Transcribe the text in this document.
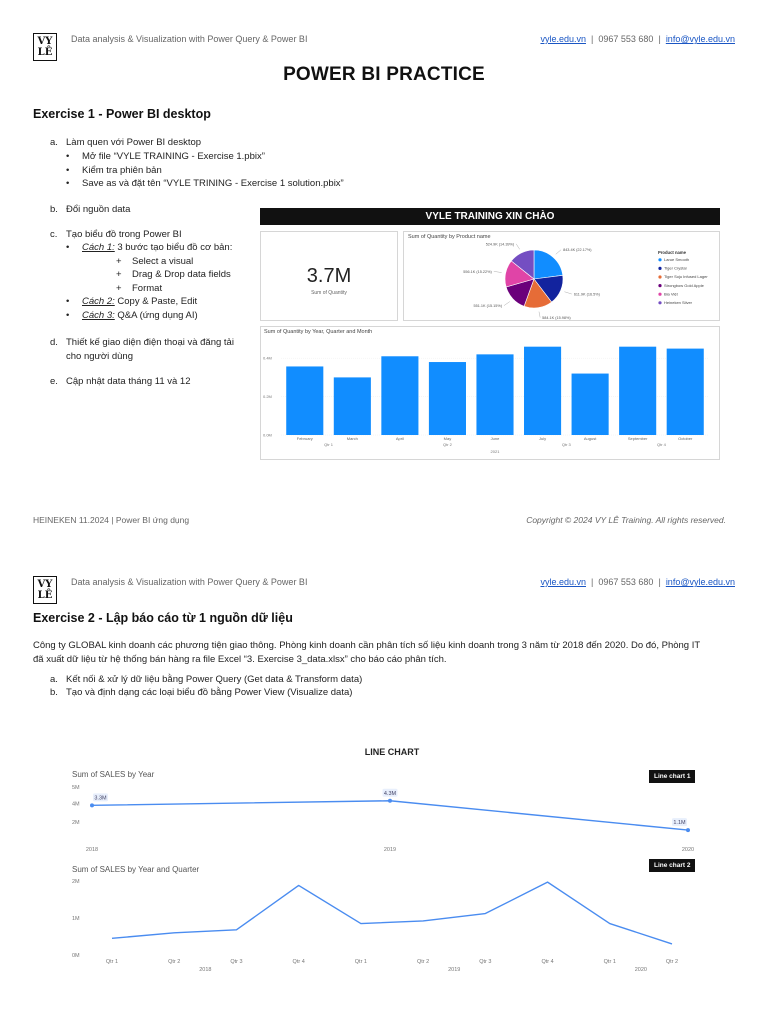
VY LÊ
Data analysis & Visualization with Power Query & Power BI	vyle.edu.vn | 0967 553 680 | info@vyle.edu.vn
POWER BI PRACTICE
Exercise 1 - Power BI desktop
a. Làm quen với Power BI desktop
• Mở file “VYLE TRAINING - Exercise 1.pbix”
• Kiểm tra phiên bản
• Save as và đặt tên “VYLE TRINING - Exercise 1 solution.pbix”
b. Đổi nguồn data
c. Tạo biểu đồ trong Power BI
• Cách 1: 3 bước tạo biểu đồ cơ bản:
+ Select a visual
+ Drag & Drop data fields
+ Format
• Cách 2: Copy & Paste, Edit
• Cách 3: Q&A (ứng dụng AI)
d. Thiết kế giao diện điện thoại và đăng tải
cho người dùng
e. Cập nhật data tháng 11 và 12
VYLE TRAINING XIN CHÀO
3.7M
Sum of Quantity
Sum of Quantity by Product name
843.4K (22.17%)
611.9K (16.5%)
584.1K (15.98%)
551.1K (15.15%)
556.1K (15.22%)
524.9K (14.39%)
Product name
Larue Smooth
Tiger Crystal
Tiger Soju Infused Lager
Strongbow Gold Apple
Bia Việt
Heineken Silver
Sum of Quantity by Year, Quarter and Month
0.4M
0.2M
0.0M
February	March	April	May	June	July	August	September	October
Qtr 1	Qtr 2	Qtr 3	Qtr 4
2021
HEINEKEN 11.2024 | Power BI ứng dụng	Copyright © 2024 VY LÊ Training. All rights reserved.
VY LÊ
Data analysis & Visualization with Power Query & Power BI	vyle.edu.vn | 0967 553 680 | info@vyle.edu.vn
Exercise 2 - Lập báo cáo từ 1 nguồn dữ liệu
Công ty GLOBAL kinh doanh các phương tiện giao thông. Phòng kinh doanh cần phân tích số liệu kinh doanh trong 3 năm từ 2018 đến 2020. Do đó, Phòng IT
đã xuất dữ liệu từ hệ thống bán hàng ra file Excel “3. Exercise 3_data.xlsx” cho báo cáo phân tích.
a. Kết nối & xử lý dữ liệu bằng Power Query (Get data & Transform data)
b. Tạo và định dạng các loại biểu đồ bằng Power View (Visualize data)
LINE CHART
Sum of SALES by Year	Line chart 1
5M
4M
2M
3.3M
2018
4.3M
2019
1.1M
2020
Sum of SALES by Year and Quarter	Line chart 2
2M
1M
0M
Qtr 1	Qtr 2	Qtr 3	Qtr 4	Qtr 1	Qtr 2	Qtr 3	Qtr 4	Qtr 1	Qtr 2
2018	2019	2020
